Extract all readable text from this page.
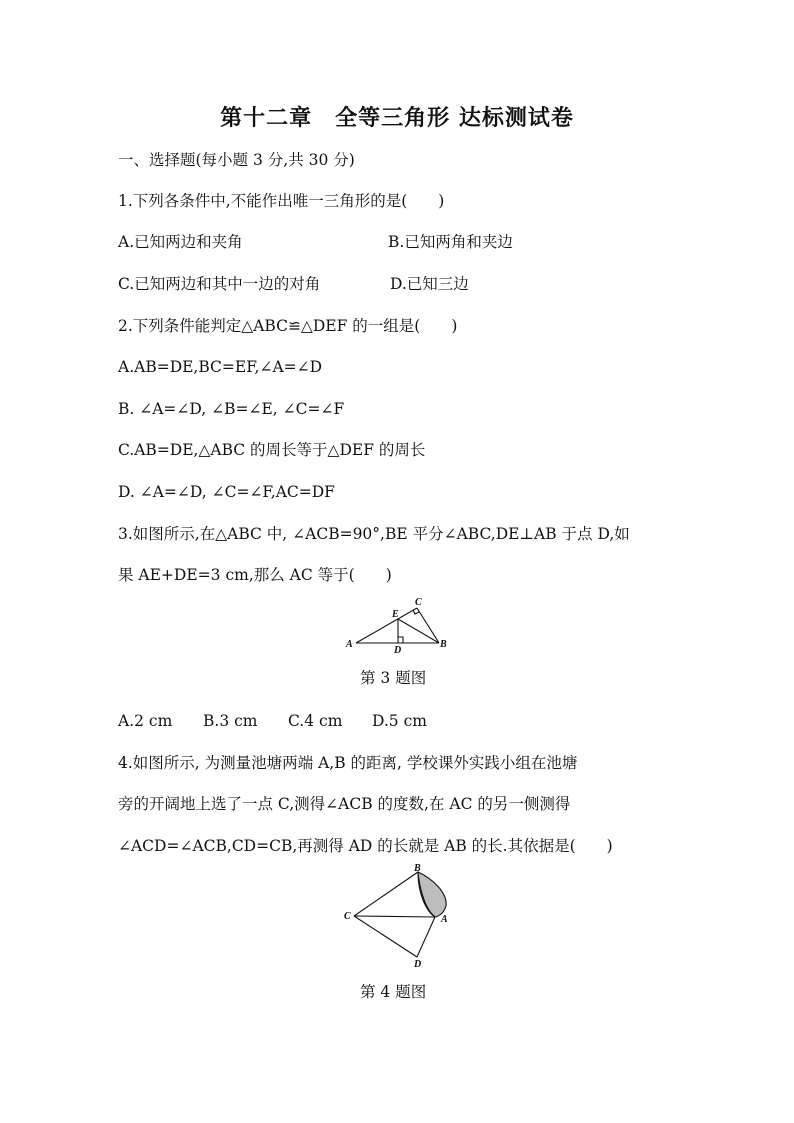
第十二章　全等三角形 达标测试卷
一、选择题(每小题 3 分,共 30 分)
1.下列各条件中,不能作出唯一三角形的是(　　)
A.已知两边和夹角	B.已知两角和夹边
C.已知两边和其中一边的对角	D.已知三边
2.下列条件能判定△ABC≌△DEF 的一组是(　　)
A.AB=DE,BC=EF,∠A=∠D
B. ∠A=∠D, ∠B=∠E, ∠C=∠F
C.AB=DE,△ABC 的周长等于△DEF 的周长
D. ∠A=∠D, ∠C=∠F,AC=DF
3.如图所示,在△ABC 中, ∠ACB=90°,BE 平分∠ABC,DE⊥AB 于点 D,如
果 AE+DE=3 cm,那么 AC 等于(　　)
A	B
C
D
E
第 3 题图
A.2 cm B.3 cm C.4 cm D.5 cm
4.如图所示, 为测量池塘两端 A,B 的距离, 学校课外实践小组在池塘
旁的开阔地上选了一点 C,测得∠ACB 的度数,在 AC 的另一侧测得
∠ACD=∠ACB,CD=CB,再测得 AD 的长就是 AB 的长.其依据是(　　)
B
C	A
D
第 4 题图
